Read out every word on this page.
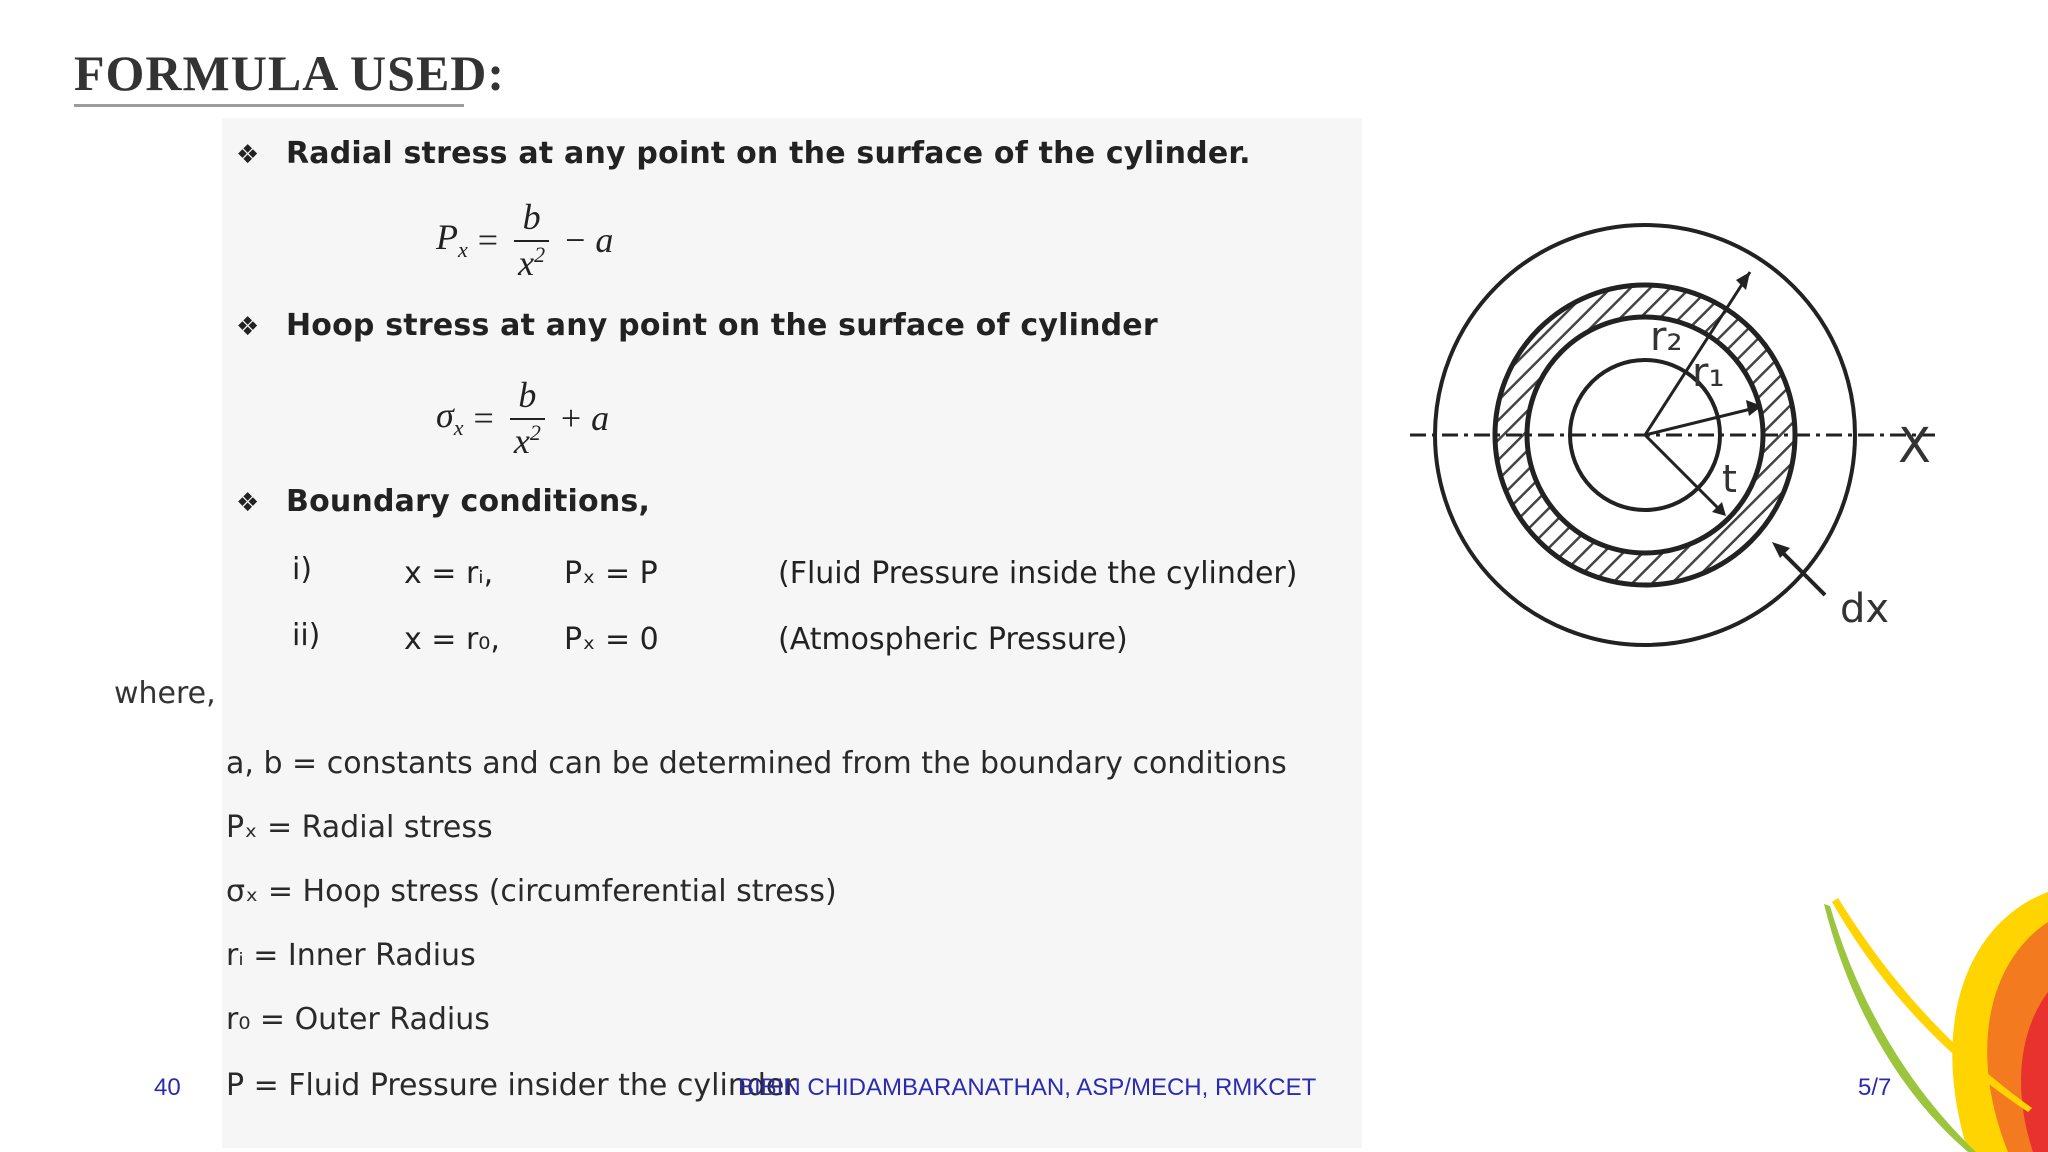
FORMULA USED:
❖ Radial stress at any point on the surface of the cylinder.
$P_x = \frac{b}{x^2} - a$
❖ Hoop stress at any point on the surface of cylinder
$\sigma_x = \frac{b}{x^2} + a$
❖ Boundary conditions,
i)	x = rᵢ, Pₓ = P	(Fluid Pressure inside the cylinder)
ii)	x = r₀, Pₓ = 0	(Atmospheric Pressure)
where,
a, b = constants and can be determined from the boundary conditions
Pₓ = Radial stress
σₓ = Hoop stress (circumferential stress)
rᵢ = Inner Radius
r₀ = Outer Radius
P = Fluid Pressure insider the cylinder
r₂
r₁
t
X
dx
40	BIBIN CHIDAMBARANATHAN, ASP/MECH, RMKCET	5/7
